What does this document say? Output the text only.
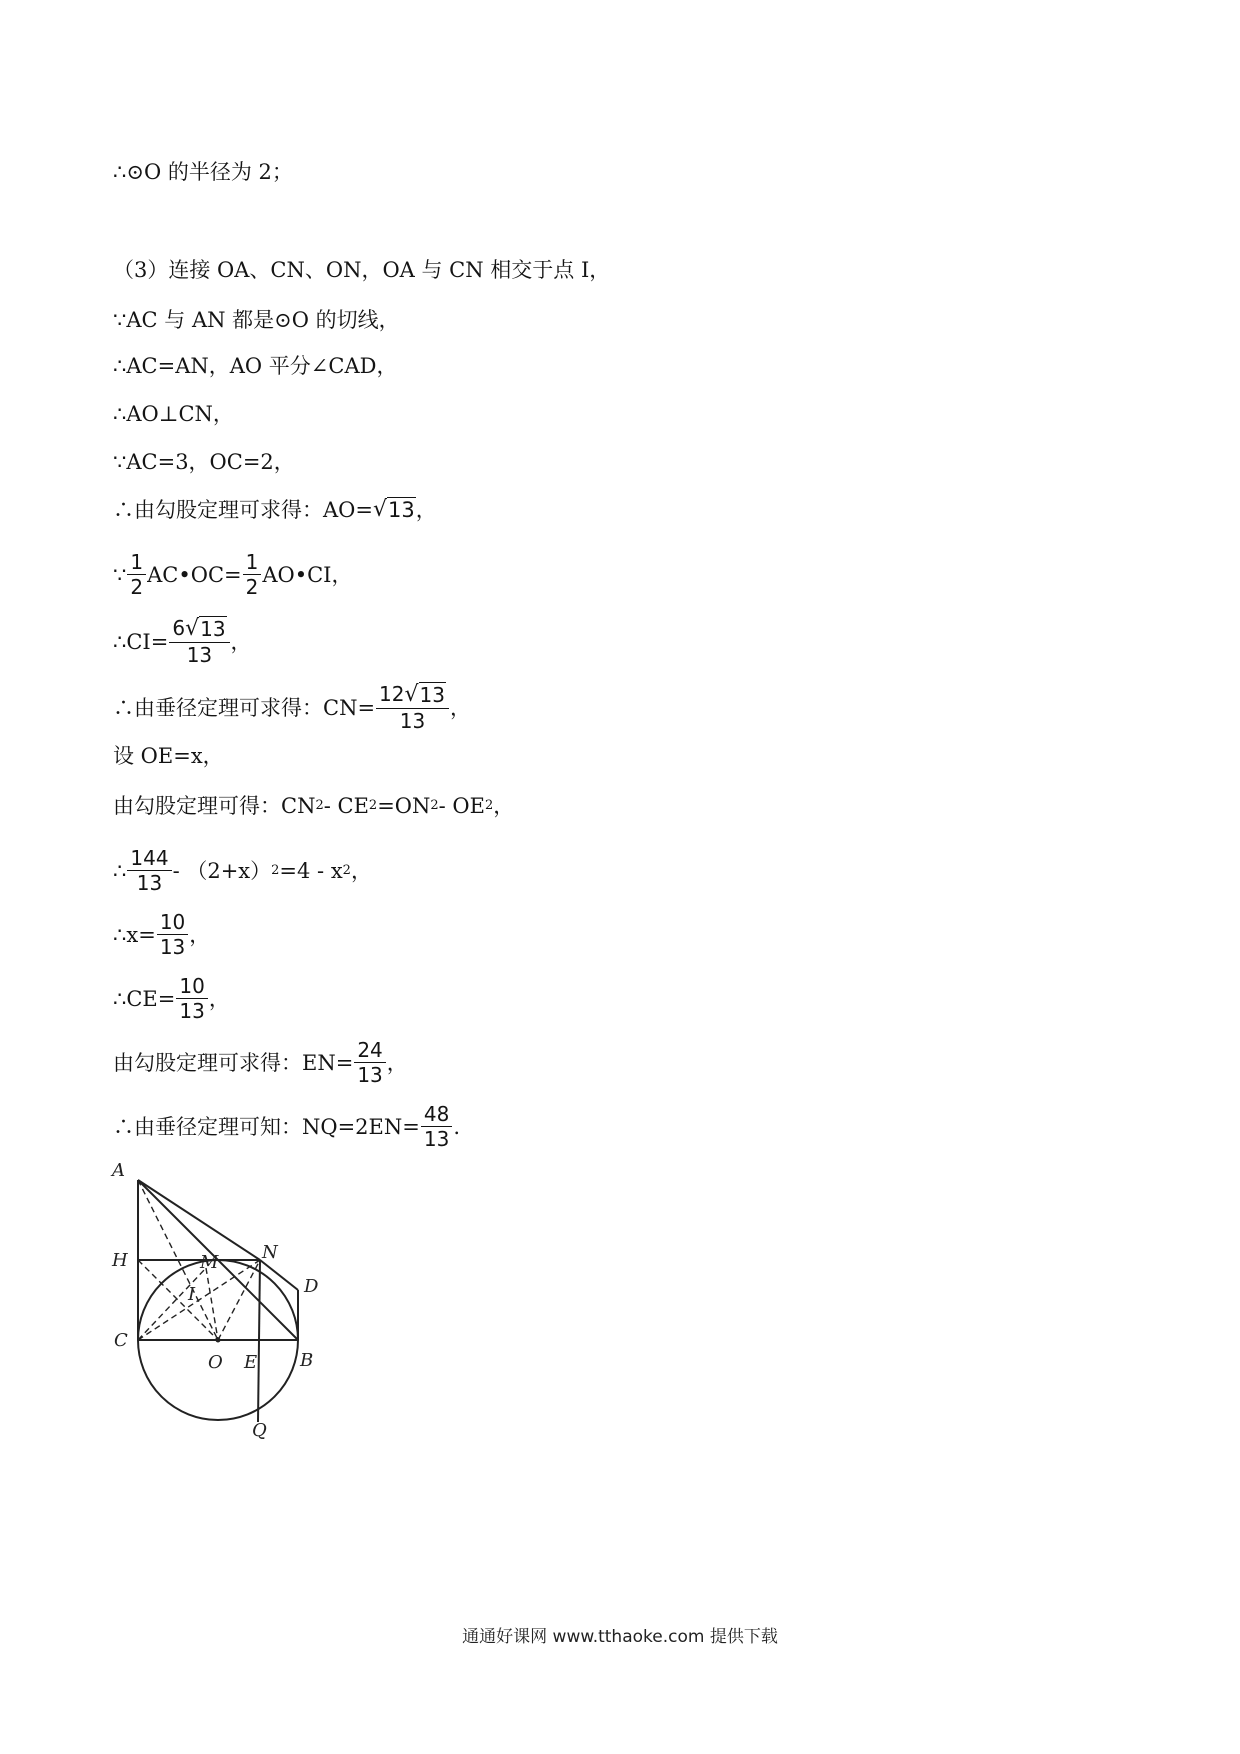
∴⊙O 的半径为 2；
（3）连接 OA、CN、ON，OA 与 CN 相交于点 I，
∵AC 与 AN 都是⊙O 的切线，
∴AC=AN，AO 平分∠CAD，
∴AO⊥CN，
∵AC=3，OC=2，
∴由勾股定理可求得：AO= √ 13 ，
∵ $\frac{1}{2}$ AC•OC= $\frac{1}{2}$ AO•CI，
∴CI= $\frac{6 √ 13}{13}$ ，
∴由垂径定理可求得：$CN= \frac{12 √ 13}{13}$ ，
设 OE=x，
由勾股定理可得：CN 2 - CE 2 =ON 2 - OE 2 ，
∴ $\frac{144}{13} - (2+x)$ 2 =4 - x 2 ，
∴x= $\frac{10}{13}$ ，
∴CE= $\frac{10}{13}$ ，
由勾股定理可求得：$EN= \frac{24}{13}$ ，
∴由垂径定理可知：$NQ=2EN= \frac{48}{13}$ .
A
H	M N
D
I
C
O E B
Q
通通好课网 www.tthaoke.com 提供下载
